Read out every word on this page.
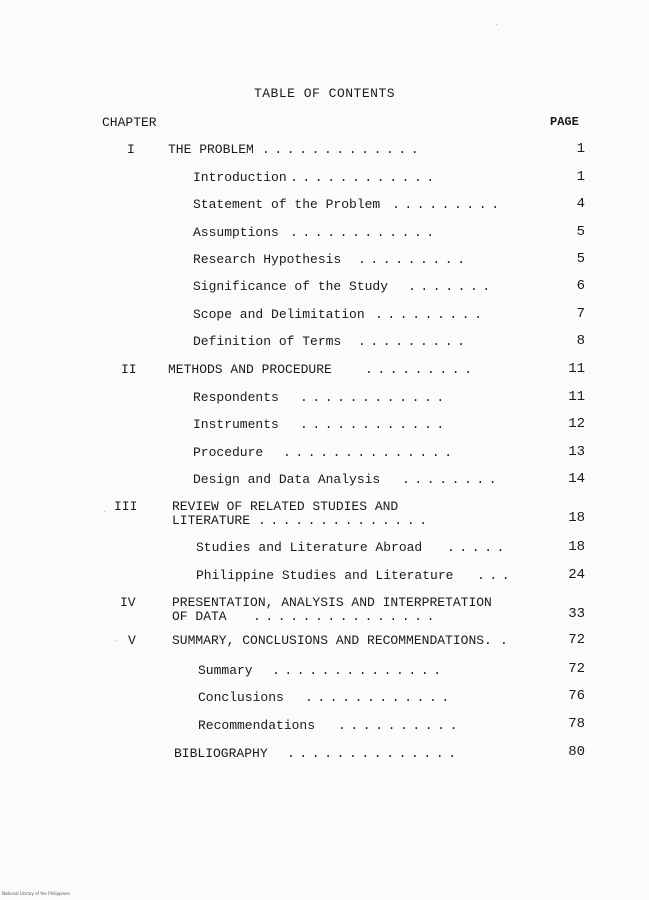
TABLE OF CONTENTS
CHAPTER	PAGE
I	THE PROBLEM .............	1
Introduction ............	1
Statement of the Problem .........	4
Assumptions ............	5
Research Hypothesis .........	5
Significance of the Study .......	6
Scope and Delimitation .........	7
Definition of Terms .........	8
II METHODS AND PROCEDURE	.........	11
Respondents ............	11
Instruments ............	12
Procedure ..............	13
Design and Data Analysis ........	14
III	REVIEW OF RELATED STUDIES AND
LITERATURE ..............	18
Studies and Literature Abroad .....	18
Philippine Studies and Literature ...	24
IV	PRESENTATION, ANALYSIS AND INTERPRETATION
OF DATA ...............	33
V	SUMMARY, CONCLUSIONS AND RECOMMENDATIONS. .	72
Summary ..............	72
Conclusions ............	76
Recommendations ..........	78
BIBLIOGRAPHY ..............	80
National Library of the Philippines
